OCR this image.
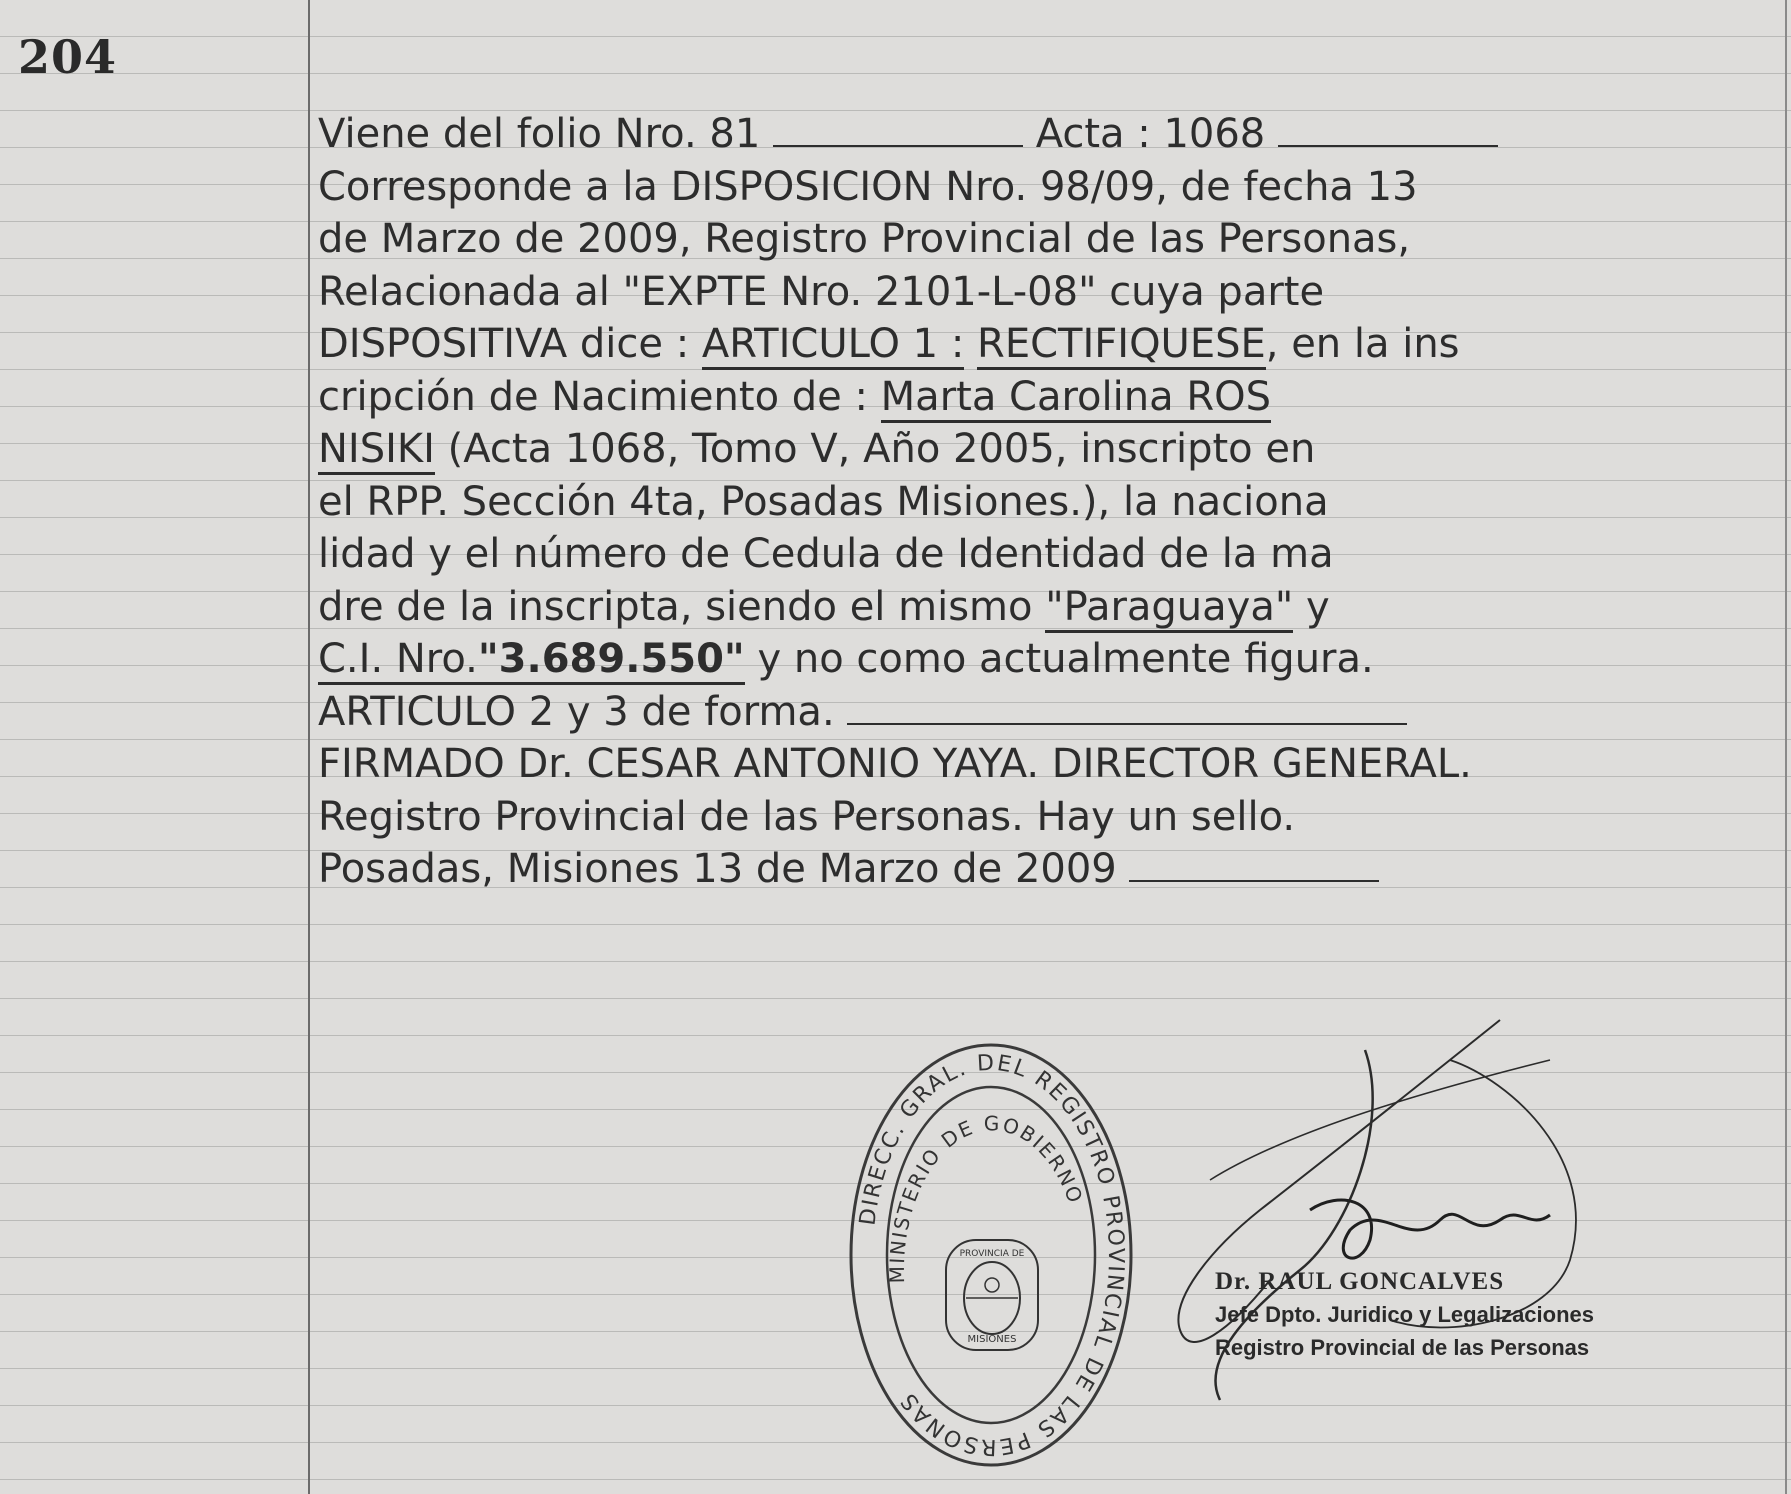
204
Viene del folio Nro. 81	Acta : 1068
Corresponde a la DISPOSICION Nro. 98/09, de fecha 13
de Marzo de 2009, Registro Provincial de las Personas,
Relacionada al "EXPTE Nro. 2101-L-08" cuya parte
DISPOSITIVA dice : ARTICULO 1 : RECTIFIQUESE, en la ins
cripción de Nacimiento de : Marta Carolina ROS
NISIKI (Acta 1068, Tomo V, Año 2005, inscripto en
el RPP. Sección 4ta, Posadas Misiones.), la naciona
lidad y el número de Cedula de Identidad de la ma
dre de la inscripta, siendo el mismo "Paraguaya" y
C.I. Nro."3.689.550" y no como actualmente figura.
ARTICULO 2 y 3 de forma.
FIRMADO Dr. CESAR ANTONIO YAYA. DIRECTOR GENERAL.
Registro Provincial de las Personas. Hay un sello.
Posadas, Misiones 13 de Marzo de 2009
DIRECC. GRAL. DEL REGISTRO PROVINCIAL DE LAS PERSONAS
MINISTERIO DE GOBIERNO
PROVINCIA DE
MISIONES
Dr. RAUL GONCALVES
Jefe Dpto. Juridico y Legalizaciones
Registro Provincial de las Personas
